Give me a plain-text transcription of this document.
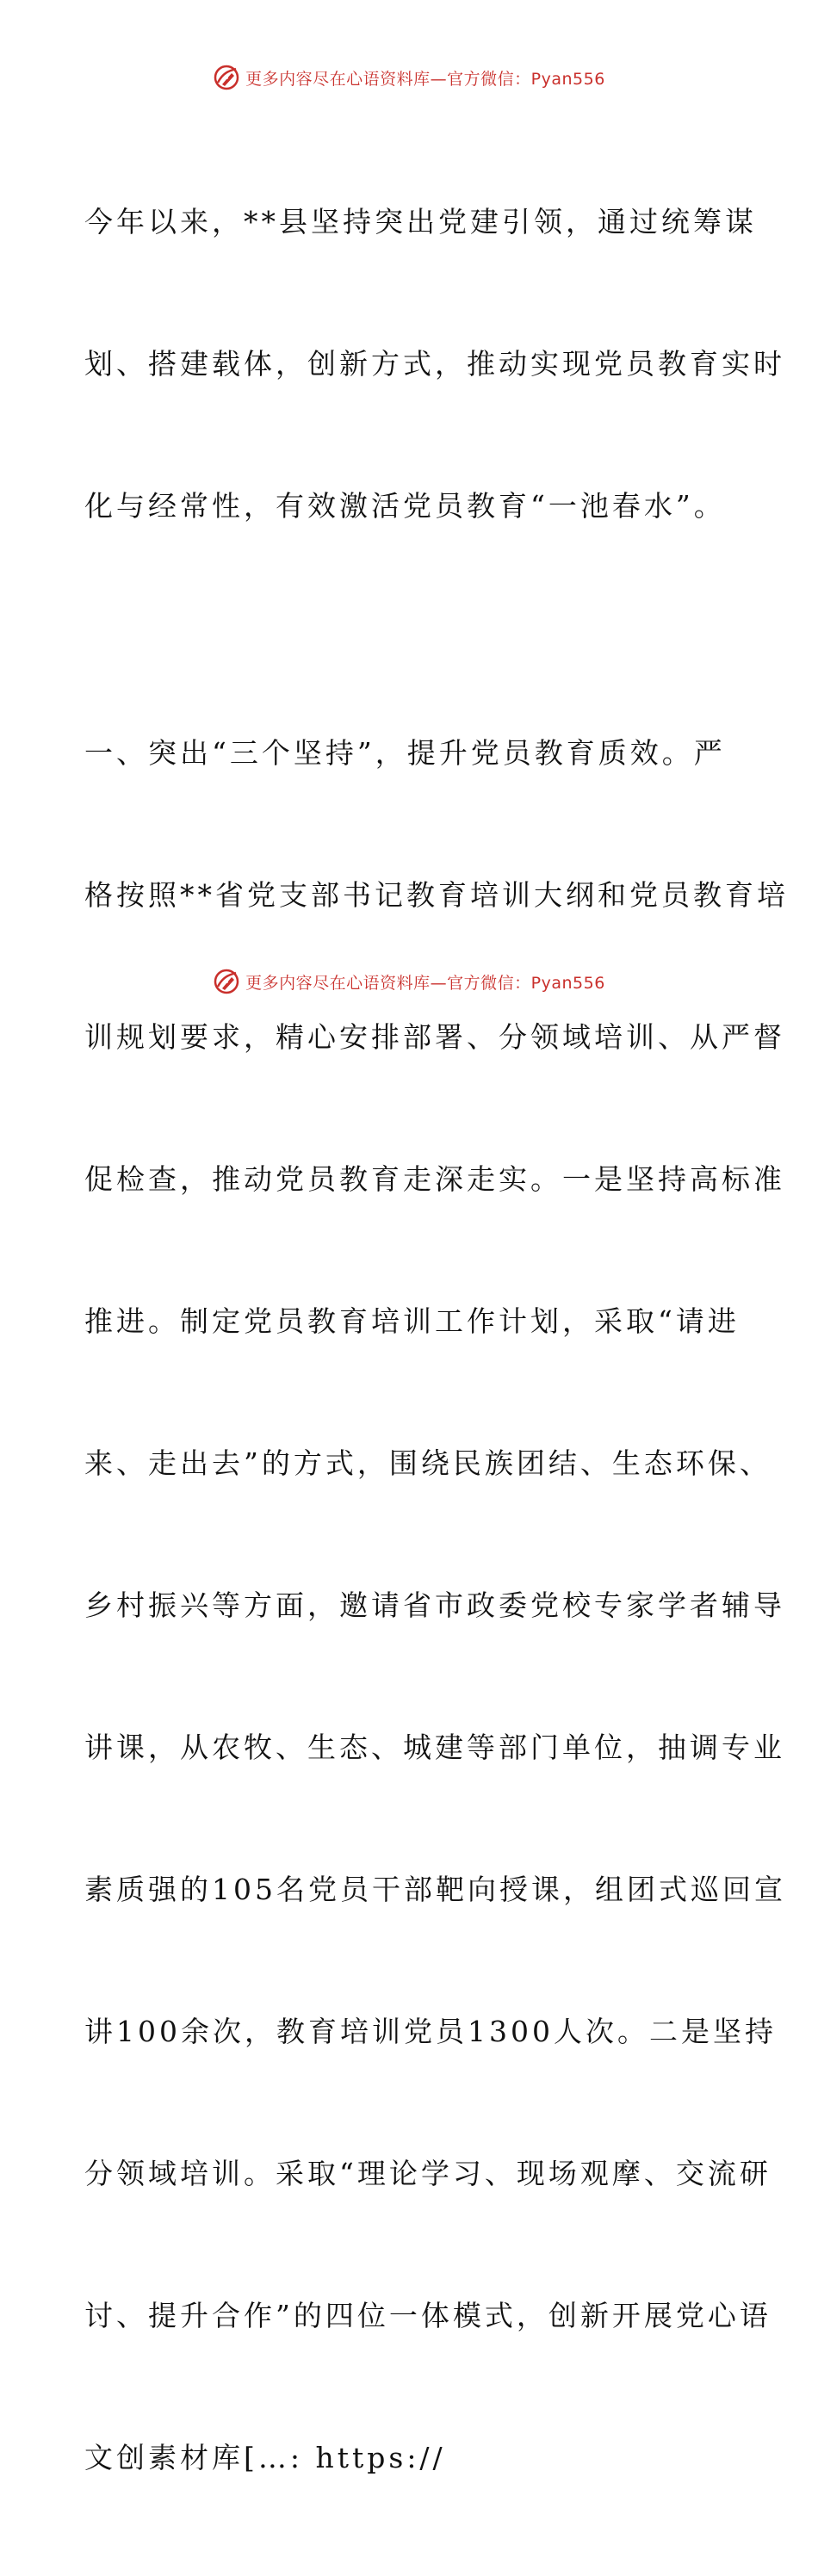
更多内容尽在心语资料库—官方微信：Pyan556

今年以来，**县坚持突出党建引领，通过统筹谋

划、搭建载体，创新方式，推动实现党员教育实时

化与经常性，有效激活党员教育“一池春水”。

一、突出“三个坚持”，提升党员教育质效。严

格按照**省党支部书记教育培训大纲和党员教育培

训规划要求，精心安排部署、分领域培训、从严督

促检查，推动党员教育走深走实。一是坚持高标准

推进。制定党员教育培训工作计划，采取“请进

来、走出去”的方式，围绕民族团结、生态环保、

乡村振兴等方面，邀请省市政委党校专家学者辅导

讲课，从农牧、生态、城建等部门单位，抽调专业

素质强的105名党员干部靶向授课，组团式巡回宣

讲100余次，教育培训党员1300人次。二是坚持

分领域培训。采取“理论学习、现场观摩、交流研

讨、提升合作”的四位一体模式，创新开展党心语

文创素材库[…: https://

更多内容尽在心语资料库—官方微信：Pyan556
